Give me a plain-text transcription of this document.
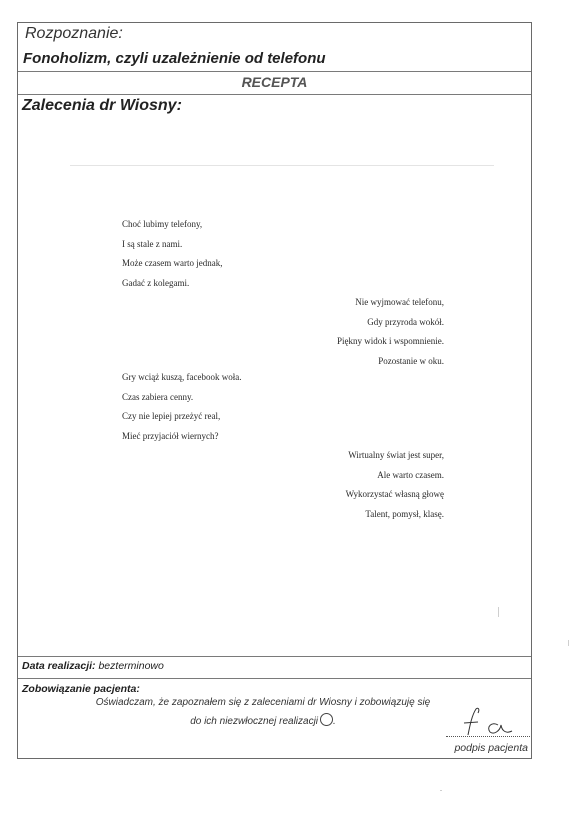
Rozpoznanie:
Fonoholizm, czyli uzależnienie od telefonu
RECEPTA
Zalecenia dr Wiosny:
Choć lubimy telefony,
I są stale z nami.
Może czasem warto jednak,
Gadać z kolegami.
Nie wyjmować telefonu,
Gdy przyroda wokół.
Piękny widok i wspomnienie.
Pozostanie w oku.
Gry wciąż kuszą, facebook woła.
Czas zabiera cenny.
Czy nie lepiej przeżyć real,
Mieć przyjaciół wiernych?
Wirtualny świat jest super,
Ale warto czasem.
Wykorzystać własną głowę
Talent, pomysł, klasę.
Data realizacji: bezterminowo
Zobowiązanie pacjenta:
Oświadczam, że zapoznałem się z zaleceniami dr Wiosny i zobowiązuję się
do ich niezwłocznej realizacji .
podpis pacjenta
